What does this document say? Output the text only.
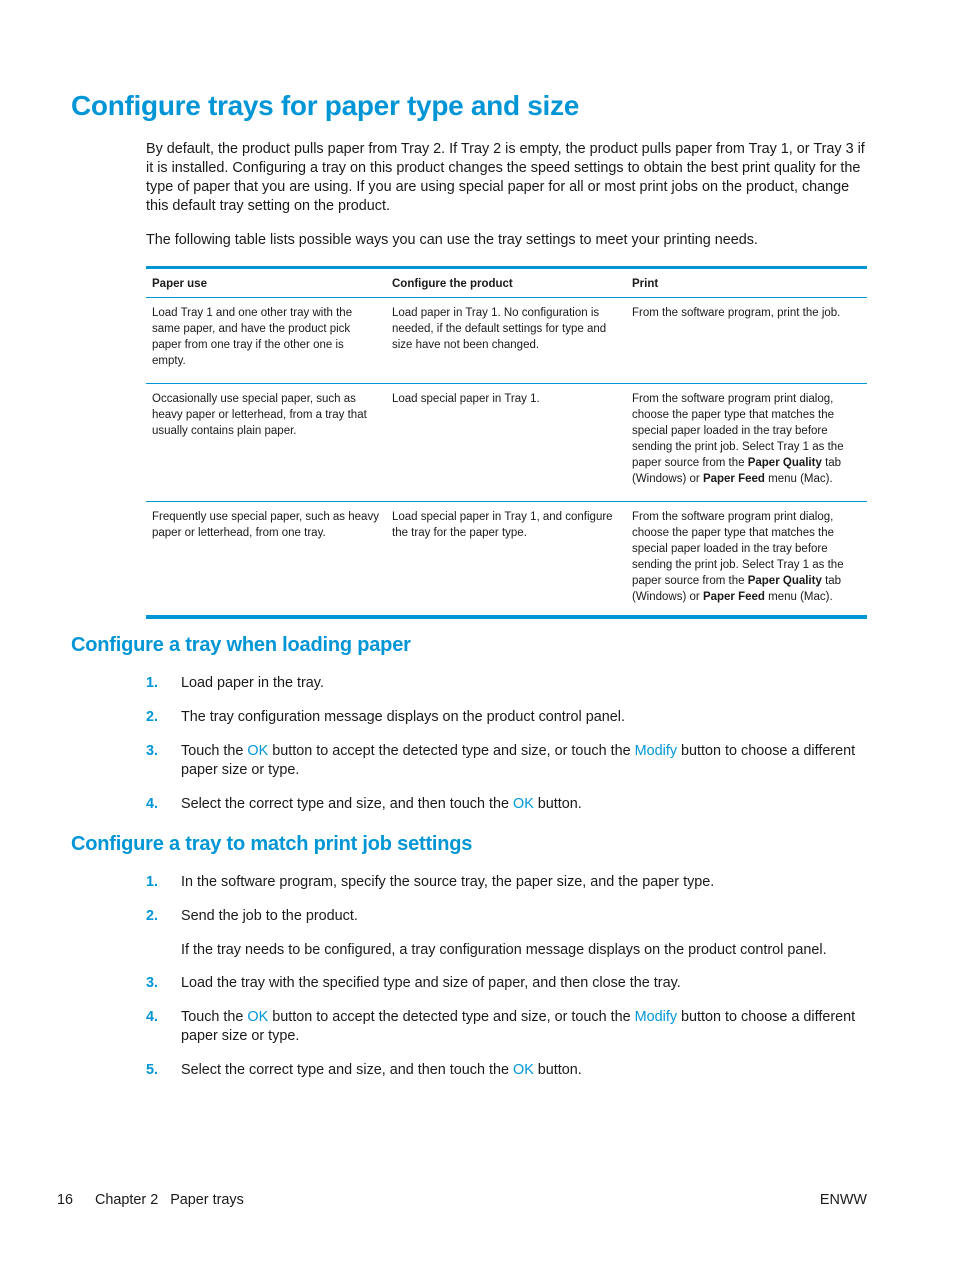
Configure trays for paper type and size

By default, the product pulls paper from Tray 2. If Tray 2 is empty, the product pulls paper from Tray 1, or Tray 3 if it is installed. Configuring a tray on this product changes the speed settings to obtain the best print quality for the type of paper that you are using. If you are using special paper for all or most print jobs on the product, change this default tray setting on the product.

The following table lists possible ways you can use the tray settings to meet your printing needs.

Paper use	Configure the product	Print
Load Tray 1 and one other tray with the same paper, and have the product pick paper from one tray if the other one is empty.	Load paper in Tray 1. No configuration is needed, if the default settings for type and size have not been changed.	From the software program, print the job.
Occasionally use special paper, such as heavy paper or letterhead, from a tray that usually contains plain paper.	Load special paper in Tray 1.	From the software program print dialog, choose the paper type that matches the special paper loaded in the tray before sending the print job. Select Tray 1 as the paper source from the Paper Quality tab (Windows) or Paper Feed menu (Mac).
Frequently use special paper, such as heavy paper or letterhead, from one tray.	Load special paper in Tray 1, and configure the tray for the paper type.	From the software program print dialog, choose the paper type that matches the special paper loaded in the tray before sending the print job. Select Tray 1 as the paper source from the Paper Quality tab (Windows) or Paper Feed menu (Mac).
Configure a tray when loading paper
1. Load paper in the tray.
2. The tray configuration message displays on the product control panel.
3. Touch the OK button to accept the detected type and size, or touch the Modify button to choose a different paper size or type.
4. Select the correct type and size, and then touch the OK button.
Configure a tray to match print job settings
1. In the software program, specify the source tray, the paper size, and the paper type.
2. Send the job to the product.
If the tray needs to be configured, a tray configuration message displays on the product control panel.
3. Load the tray with the specified type and size of paper, and then close the tray.
4. Touch the OK button to accept the detected type and size, or touch the Modify button to choose a different paper size or type.
5. Select the correct type and size, and then touch the OK button.
16 Chapter 2   Paper trays	ENWW
